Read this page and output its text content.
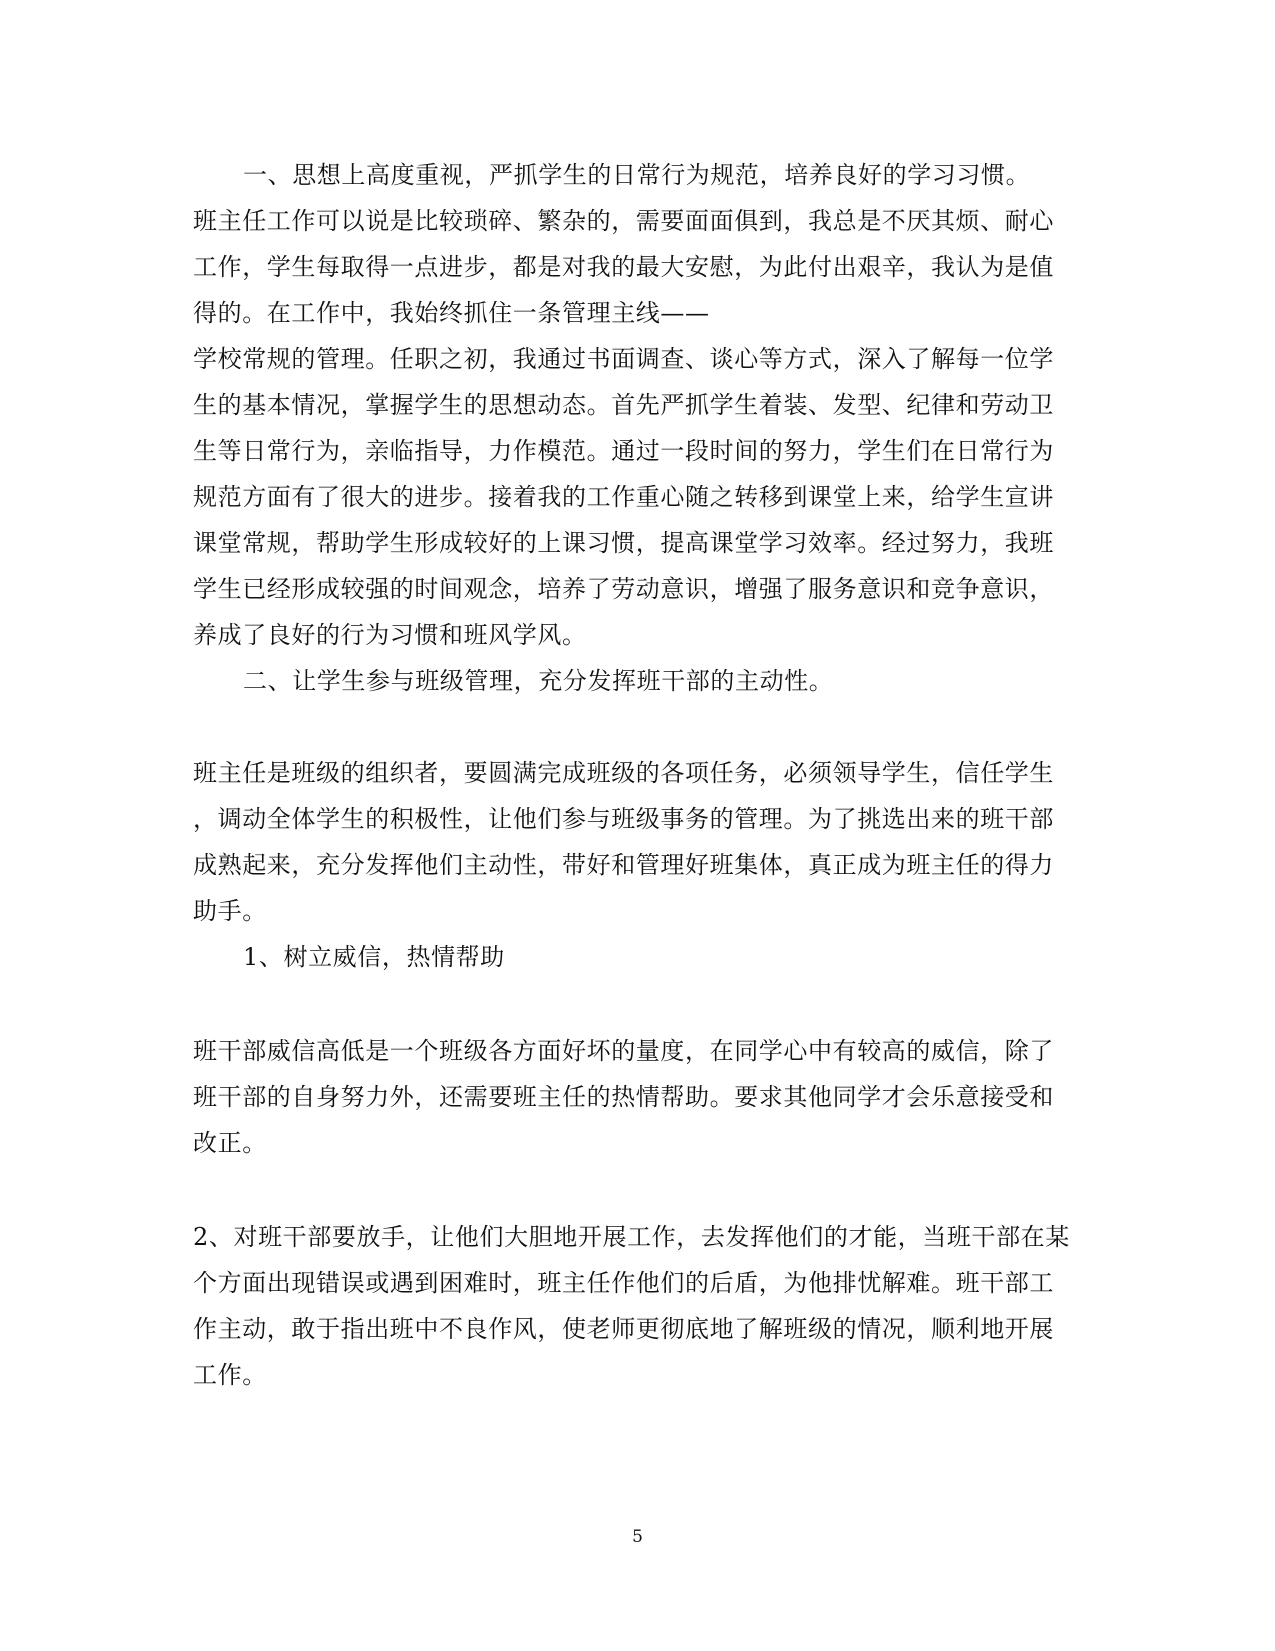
一、思想上高度重视，严抓学生的日常行为规范，培养良好的学习习惯。

班主任工作可以说是比较琐碎、繁杂的，需要面面俱到，我总是不厌其烦、耐心

工作，学生每取得一点进步，都是对我的最大安慰，为此付出艰辛，我认为是值

得的。在工作中，我始终抓住一条管理主线——

学校常规的管理。任职之初，我通过书面调查、谈心等方式，深入了解每一位学

生的基本情况，掌握学生的思想动态。首先严抓学生着装、发型、纪律和劳动卫

生等日常行为，亲临指导，力作模范。通过一段时间的努力，学生们在日常行为

规范方面有了很大的进步。接着我的工作重心随之转移到课堂上来，给学生宣讲

课堂常规，帮助学生形成较好的上课习惯，提高课堂学习效率。经过努力，我班

学生已经形成较强的时间观念，培养了劳动意识，增强了服务意识和竞争意识，

养成了良好的行为习惯和班风学风。

二、让学生参与班级管理，充分发挥班干部的主动性。

班主任是班级的组织者，要圆满完成班级的各项任务，必须领导学生，信任学生

，调动全体学生的积极性，让他们参与班级事务的管理。为了挑选出来的班干部

成熟起来，充分发挥他们主动性，带好和管理好班集体，真正成为班主任的得力

助手。

1、树立威信，热情帮助

班干部威信高低是一个班级各方面好坏的量度，在同学心中有较高的威信，除了

班干部的自身努力外，还需要班主任的热情帮助。要求其他同学才会乐意接受和

改正。

2、对班干部要放手，让他们大胆地开展工作，去发挥他们的才能，当班干部在某

个方面出现错误或遇到困难时，班主任作他们的后盾，为他排忧解难。班干部工

作主动，敢于指出班中不良作风，使老师更彻底地了解班级的情况，顺利地开展

工作。

5
